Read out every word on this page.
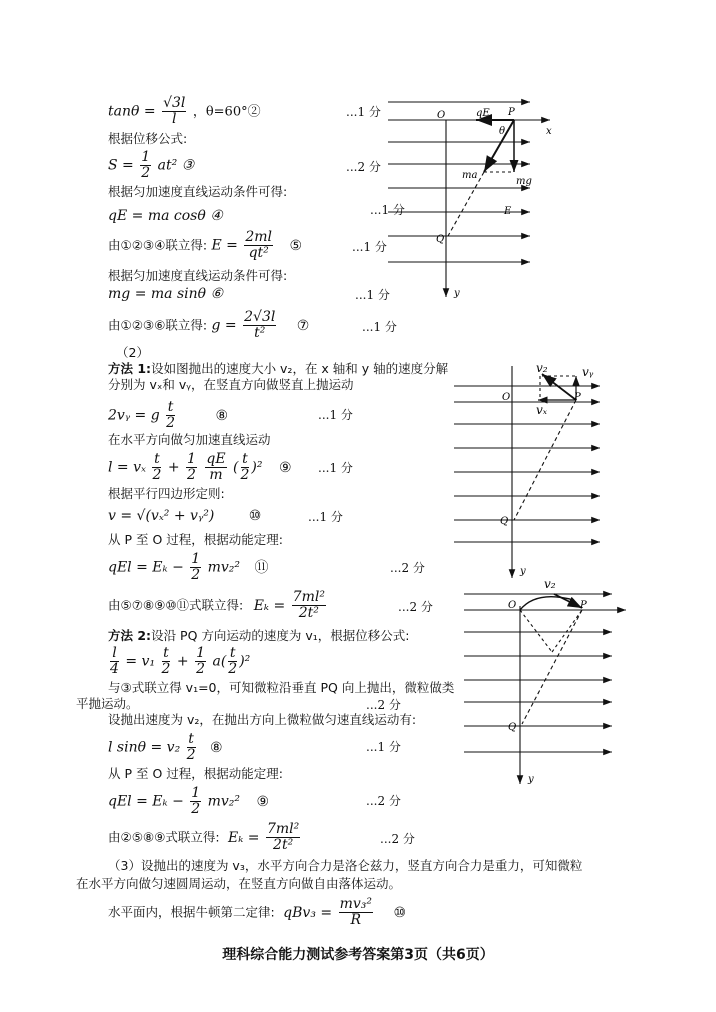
$\tan\theta = \frac{√3l}{l}$ ，θ=60°②	...1 分
根据位移公式:
$S = \frac{1}{2} at^2$ ③	...2 分
根据匀加速度直线运动条件可得:
qE = ma cosθ ④	...1 分
由①②③④联立得: $E = \frac{2ml}{\text{qt²}}$ ⑤	...1 分
根据匀加速度直线运动条件可得:
mg = ma sinθ ⑥	...1 分
由①②③⑥联立得: $g = \frac{2√3l}{\text{t²}}$ ⑦	...1 分
O	qE P
θ	x
ma
mg
E
Q
y
（2）
方法 1:设如图抛出的速度大小 v₂，在 x 轴和 y 轴的速度分解
分别为 vₓ和 vᵧ，在竖直方向做竖直上抛运动
2vᵧ = g $\frac{t}{2}$	⑧	...1 分
在水平方向做匀加速直线运动
l = vₓ $\frac{t}{2} + \frac{1}{2}$
$\frac{qE}{m}$ ( $\frac{t}{2} )^2$ ⑨ ...1 分
根据平行四边形定则:
v = √(vₓ² + vᵧ²) ⑩	...1 分
从 P 至 O 过程，根据动能定理:
qEl = $E_k - \frac{1}{2} mv_2^2$ ⑪	...2 分
由⑤⑦⑧⑨⑩⑪式联立得: $E_k = \frac{\text{7ml²}}{\text{2t²}}$	...2 分
方法 2:设沿 PQ 方向运动的速度为 v₁，根据位移公式:
$\frac{l}{4} = v_1 \frac{t}{2} + \frac{1}{2} a( \frac{t}{2} )^2$
与③式联立得 v₁=0，可知微粒沿垂直 PQ 向上抛出，微粒做类
平抛运动。	...2 分
设抛出速度为 v₂，在抛出方向上微粒做匀速直线运动有:
l $\sin\theta = v_2 \frac{t}{2}$ ⑧	...1 分
从 P 至 O 过程，根据动能定理:
qEl = $E_k - \frac{1}{2} mv_2^2$ ⑨	...2 分
由②⑤⑧⑨式联立得: $E_k = \frac{\text{7ml²}}{\text{2t²}}$	...2 分
v₂	vᵧ
O
vₓ
P
Q
y
v₂
O	P
Q
y
（3）设抛出的速度为 v₃，水平方向合力是洛仑兹力，竖直方向合力是重力，可知微粒
在水平方向做匀速圆周运动，在竖直方向做自由落体运动。
水平面内，根据牛顿第二定律: $qBv_3 = \frac{\text{mv₃²}}{R}$ ⑩
理科综合能力测试参考答案第3页（共6页）
